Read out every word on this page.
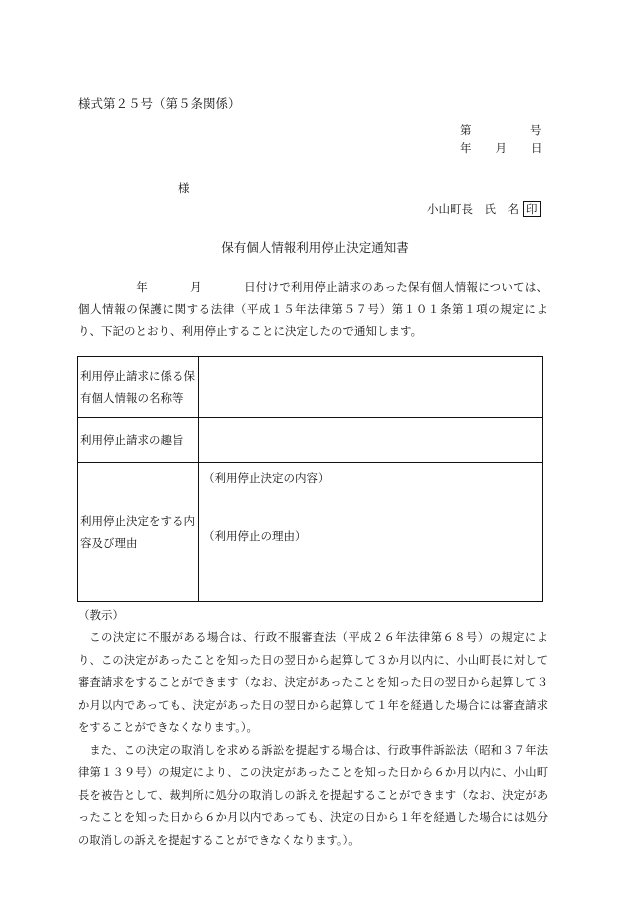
様式第２５号（第５条関係）
第	号
年 月 日
様
小山町長　氏　名 印
保有個人情報利用停止決定通知書
年	月	日付けで利用停止請求のあった保有個人情報については、個人情報の保護に関する法律（平成１５年法律第５７号）第１０１条第１項の規定により、下記のとおり、利用停止することに決定したので通知します。
利用停止請求に係る保有個人情報の名称等	
利用停止請求の趣旨	
利用停止決定をする内容及び理由	（利用停止決定の内容）
（利用停止の理由）
（教示）

この決定に不服がある場合は、行政不服審査法（平成２６年法律第６８号）の規定により、この決定があったことを知った日の翌日から起算して３か月以内に、小山町長に対して審査請求をすることができます（なお、決定があったことを知った日の翌日から起算して３か月以内であっても、決定があった日の翌日から起算して１年を経過した場合には審査請求をすることができなくなります。）。

また、この決定の取消しを求める訴訟を提起する場合は、行政事件訴訟法（昭和３７年法律第１３９号）の規定により、この決定があったことを知った日から６か月以内に、小山町長を被告として、裁判所に処分の取消しの訴えを提起することができます（なお、決定があったことを知った日から６か月以内であっても、決定の日から１年を経過した場合には処分の取消しの訴えを提起することができなくなります。）。
